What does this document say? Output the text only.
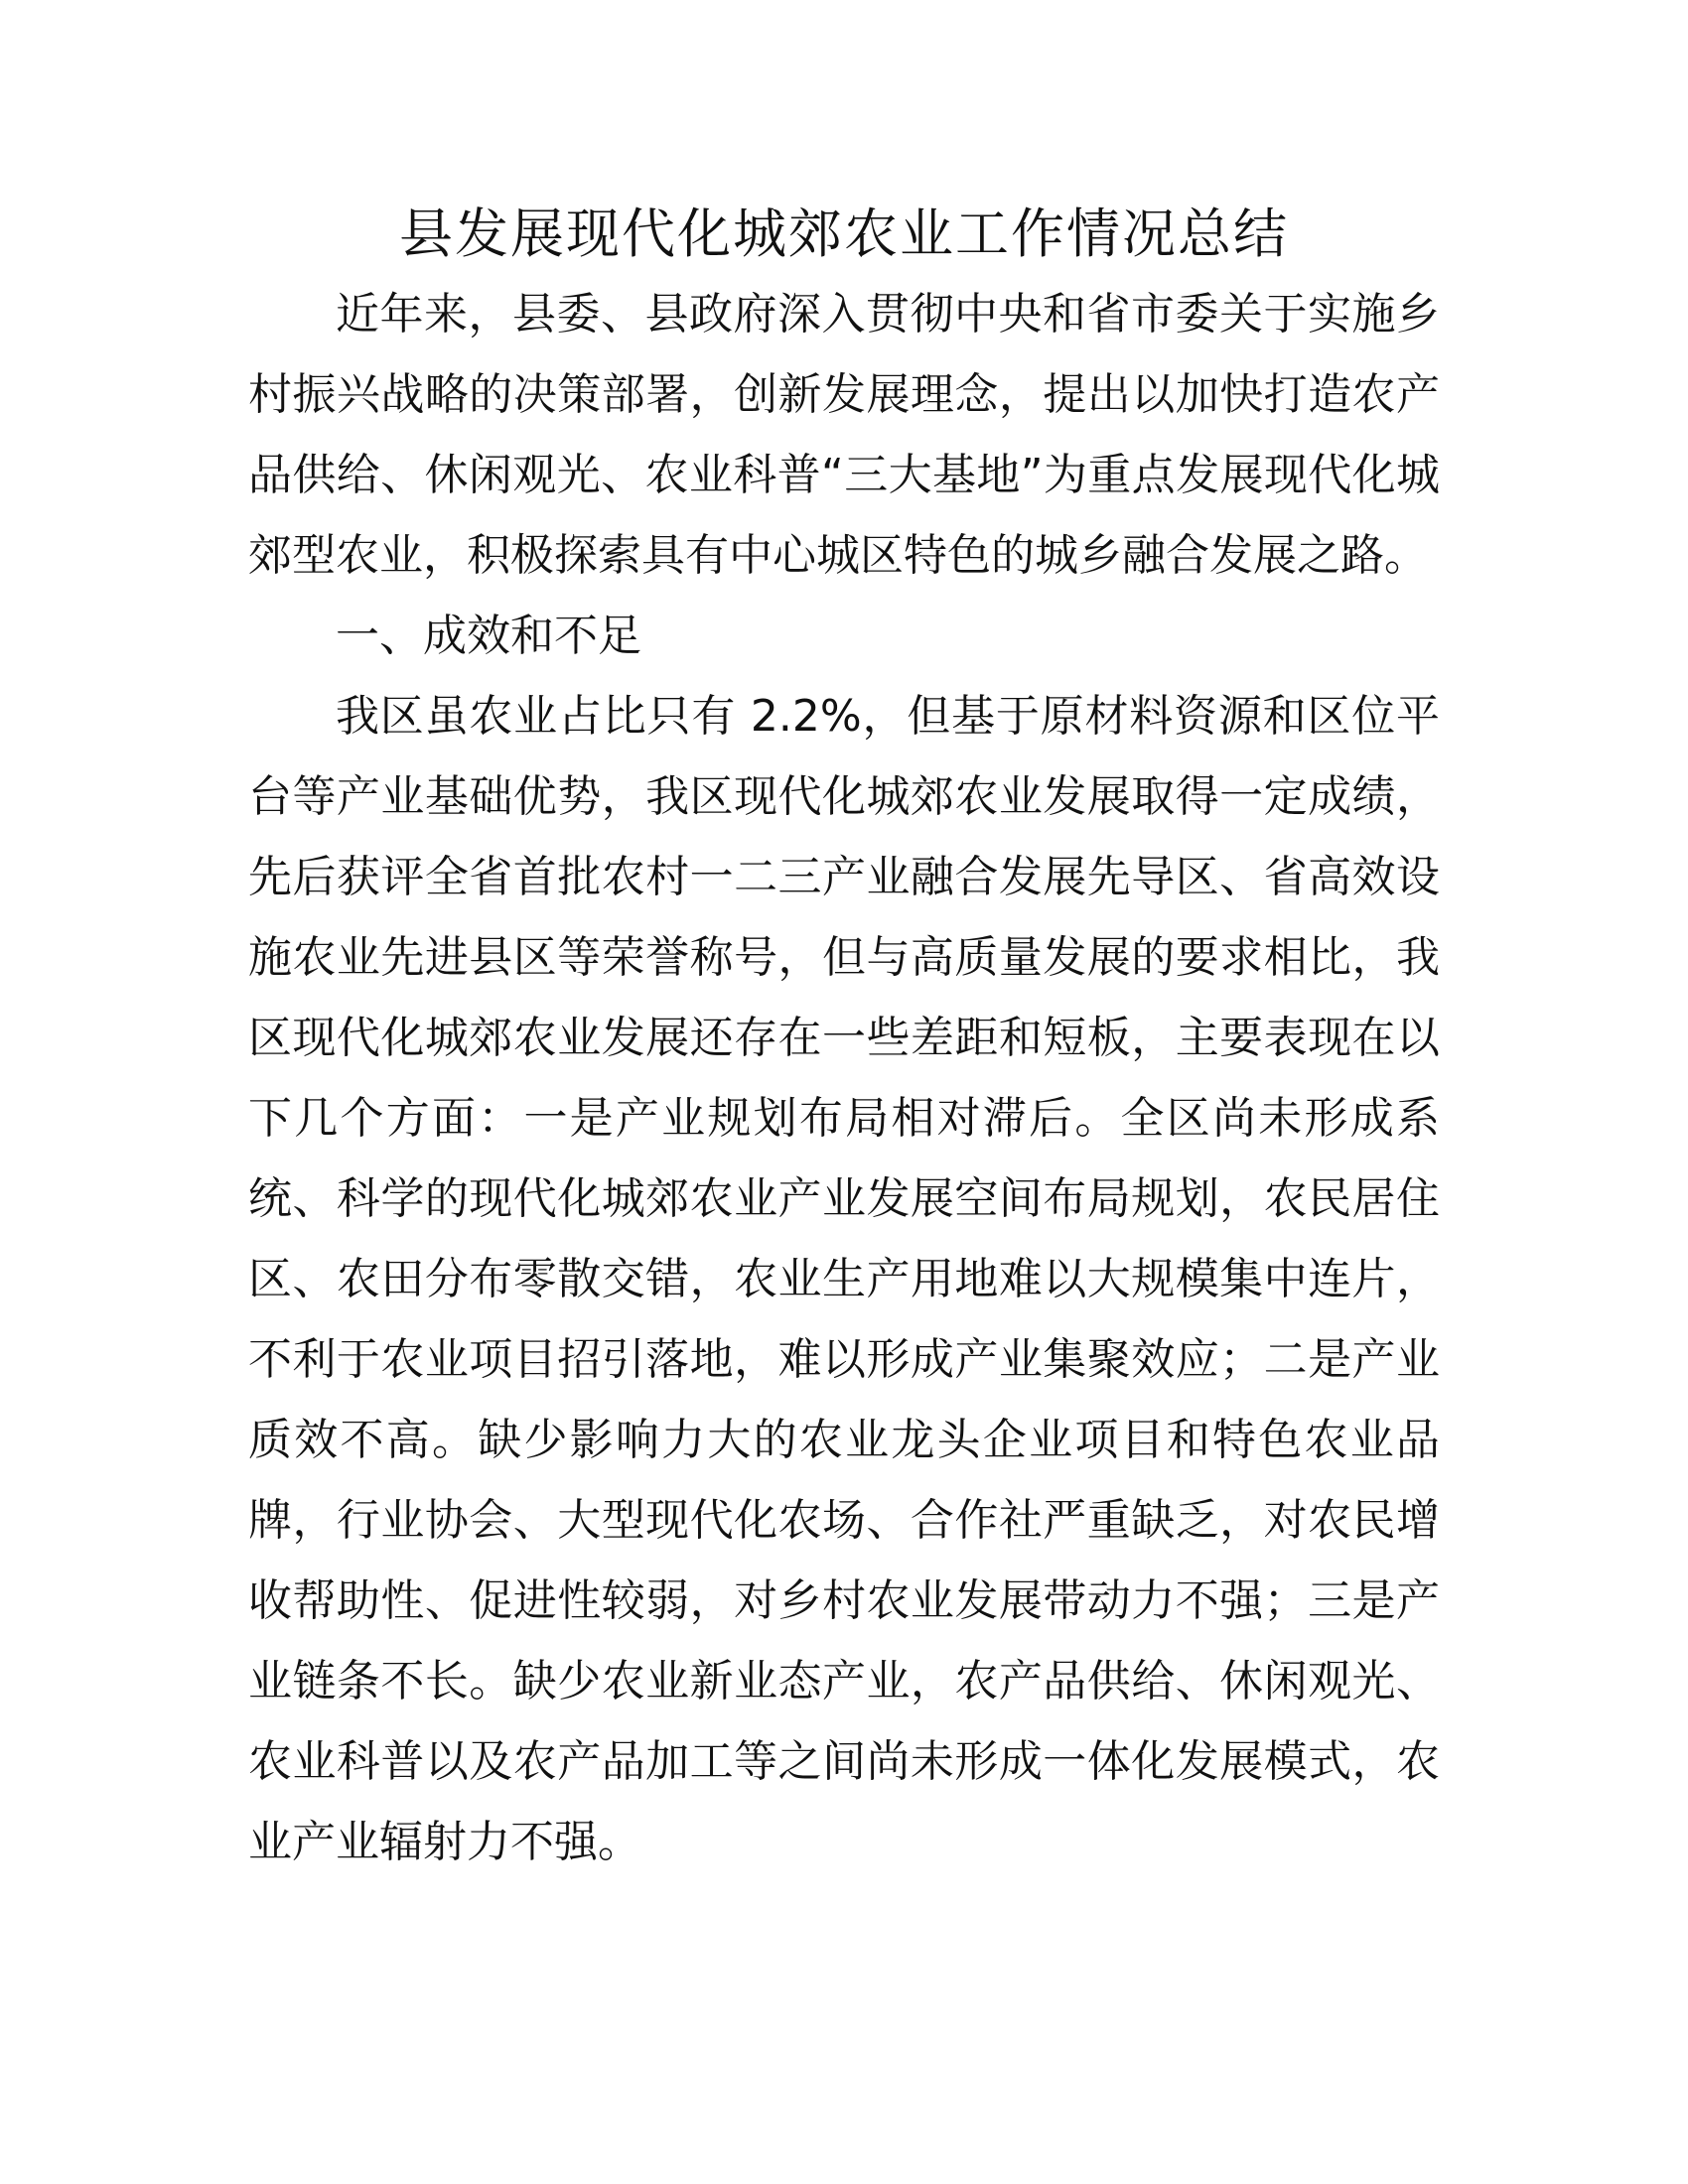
县发展现代化城郊农业工作情况总结

近年来，县委、县政府深入贯彻中央和省市委关于实施乡村振兴战略的决策部署，创新发展理念，提出以加快打造农产品供给、休闲观光、农业科普“三大基地”为重点发展现代化城郊型农业，积极探索具有中心城区特色的城乡融合发展之路。

一、成效和不足

我区虽农业占比只有 2.2%，但基于原材料资源和区位平台等产业基础优势，我区现代化城郊农业发展取得一定成绩，先后获评全省首批农村一二三产业融合发展先导区、省高效设施农业先进县区等荣誉称号，但与高质量发展的要求相比，我区现代化城郊农业发展还存在一些差距和短板，主要表现在以下几个方面：一是产业规划布局相对滞后。全区尚未形成系统、科学的现代化城郊农业产业发展空间布局规划，农民居住区、农田分布零散交错，农业生产用地难以大规模集中连片，不利于农业项目招引落地，难以形成产业集聚效应；二是产业质效不高。缺少影响力大的农业龙头企业项目和特色农业品牌，行业协会、大型现代化农场、合作社严重缺乏，对农民增收帮助性、促进性较弱，对乡村农业发展带动力不强；三是产业链条不长。缺少农业新业态产业，农产品供给、休闲观光、农业科普以及农产品加工等之间尚未形成一体化发展模式，农业产业辐射力不强。
